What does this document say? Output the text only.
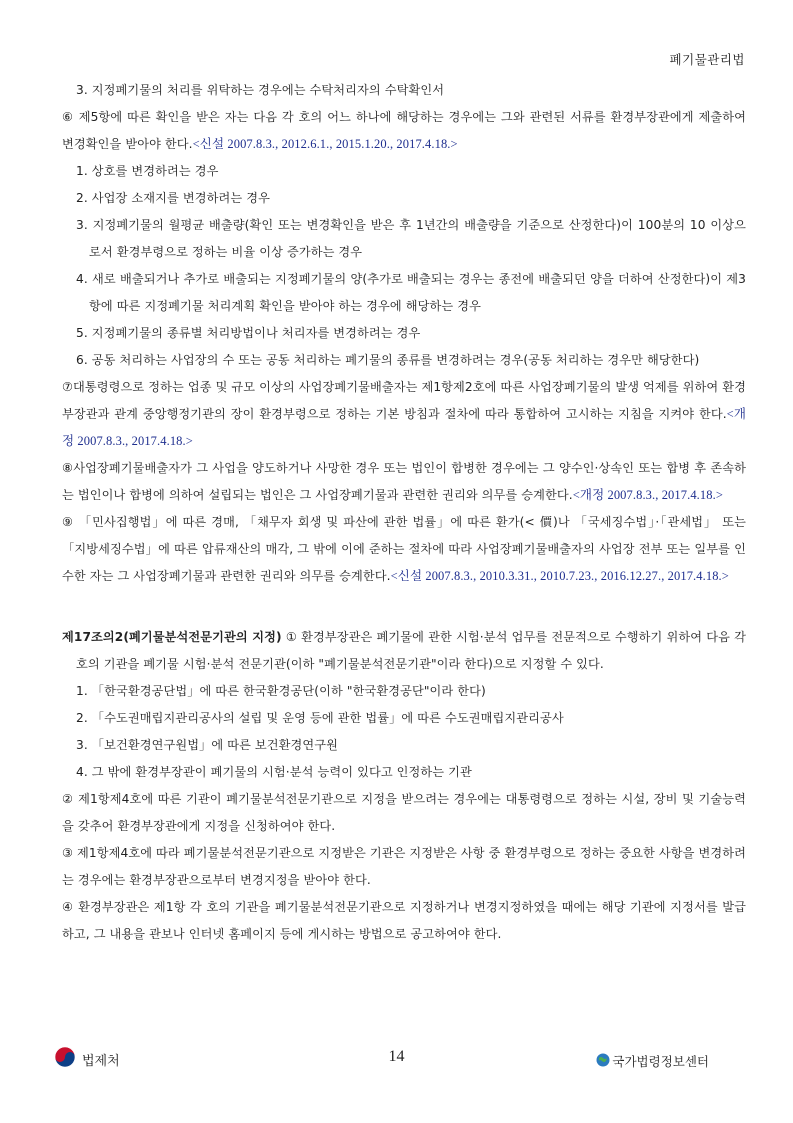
폐기물관리법

3. 지정폐기물의 처리를 위탁하는 경우에는 수탁처리자의 수탁확인서

⑥ 제5항에 따른 확인을 받은 자는 다음 각 호의 어느 하나에 해당하는 경우에는 그와 관련된 서류를 환경부장관에게 제출하여 변경확인을 받아야 한다.<신설 2007.8.3., 2012.6.1., 2015.1.20., 2017.4.18.>

1. 상호를 변경하려는 경우

2. 사업장 소재지를 변경하려는 경우

3. 지정폐기물의 월평균 배출량(확인 또는 변경확인을 받은 후 1년간의 배출량을 기준으로 산정한다)이 100분의 10 이상으로서 환경부령으로 정하는 비율 이상 증가하는 경우

4. 새로 배출되거나 추가로 배출되는 지정폐기물의 양(추가로 배출되는 경우는 종전에 배출되던 양을 더하여 산정한다)이 제3항에 따른 지정폐기물 처리계획 확인을 받아야 하는 경우에 해당하는 경우

5. 지정폐기물의 종류별 처리방법이나 처리자를 변경하려는 경우

6. 공동 처리하는 사업장의 수 또는 공동 처리하는 폐기물의 종류를 변경하려는 경우(공동 처리하는 경우만 해당한다)

⑦대통령령으로 정하는 업종 및 규모 이상의 사업장폐기물배출자는 제1항제2호에 따른 사업장폐기물의 발생 억제를 위하여 환경부장관과 관계 중앙행정기관의 장이 환경부령으로 정하는 기본 방침과 절차에 따라 통합하여 고시하는 지침을 지켜야 한다.<개정 2007.8.3., 2017.4.18.>

⑧사업장폐기물배출자가 그 사업을 양도하거나 사망한 경우 또는 법인이 합병한 경우에는 그 양수인·상속인 또는 합병 후 존속하는 법인이나 합병에 의하여 설립되는 법인은 그 사업장폐기물과 관련한 권리와 의무를 승계한다.<개정 2007.8.3., 2017.4.18.>

⑨ 「민사집행법」에 따른 경매, 「채무자 회생 및 파산에 관한 법률」에 따른 환가(< 價)나 「국세징수법」·「관세법」 또는 「지방세징수법」에 따른 압류재산의 매각, 그 밖에 이에 준하는 절차에 따라 사업장폐기물배출자의 사업장 전부 또는 일부를 인수한 자는 그 사업장폐기물과 관련한 권리와 의무를 승계한다.<신설 2007.8.3., 2010.3.31., 2010.7.23., 2016.12.27., 2017.4.18.>

제17조의2(폐기물분석전문기관의 지정) ① 환경부장관은 폐기물에 관한 시험·분석 업무를 전문적으로 수행하기 위하여 다음 각 호의 기관을 폐기물 시험·분석 전문기관(이하 "폐기물분석전문기관"이라 한다)으로 지정할 수 있다.

1. 「한국환경공단법」에 따른 한국환경공단(이하 "한국환경공단"이라 한다)

2. 「수도권매립지관리공사의 설립 및 운영 등에 관한 법률」에 따른 수도권매립지관리공사

3. 「보건환경연구원법」에 따른 보건환경연구원

4. 그 밖에 환경부장관이 폐기물의 시험·분석 능력이 있다고 인정하는 기관

② 제1항제4호에 따른 기관이 폐기물분석전문기관으로 지정을 받으려는 경우에는 대통령령으로 정하는 시설, 장비 및 기술능력을 갖추어 환경부장관에게 지정을 신청하여야 한다.

③ 제1항제4호에 따라 폐기물분석전문기관으로 지정받은 기관은 지정받은 사항 중 환경부령으로 정하는 중요한 사항을 변경하려는 경우에는 환경부장관으로부터 변경지정을 받아야 한다.

④ 환경부장관은 제1항 각 호의 기관을 폐기물분석전문기관으로 지정하거나 변경지정하였을 때에는 해당 기관에 지정서를 발급하고, 그 내용을 관보나 인터넷 홈페이지 등에 게시하는 방법으로 공고하여야 한다.

법제처	14	국가법령정보센터
